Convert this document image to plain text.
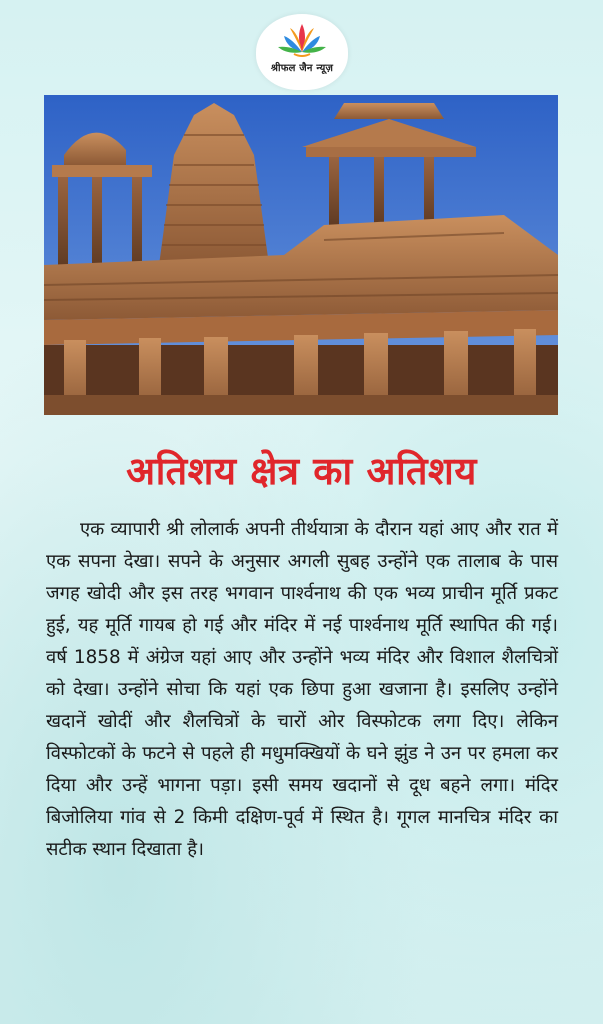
श्रीफल जैन न्यूज़
अतिशय क्षेत्र का अतिशय

एक व्यापारी श्री लोलार्क अपनी तीर्थयात्रा के दौरान यहां आए और रात में एक सपना देखा। सपने के अनुसार अगली सुबह उन्होंने एक तालाब के पास जगह खोदी और इस तरह भगवान पार्श्वनाथ की एक भव्य प्राचीन मूर्ति प्रकट हुई, यह मूर्ति गायब हो गई और मंदिर में नई पार्श्वनाथ मूर्ति स्थापित की गई। वर्ष 1858 में अंग्रेज यहां आए और उन्होंने भव्य मंदिर और विशाल शैलचित्रों को देखा। उन्होंने सोचा कि यहां एक छिपा हुआ खजाना है। इसलिए उन्होंने खदानें खोदीं और शैलचित्रों के चारों ओर विस्फोटक लगा दिए। लेकिन विस्फोटकों के फटने से पहले ही मधुमक्खियों के घने झुंड ने उन पर हमला कर दिया और उन्हें भागना पड़ा। इसी समय खदानों से दूध बहने लगा। मंदिर बिजोलिया गांव से 2 किमी दक्षिण-पूर्व में स्थित है। गूगल मानचित्र मंदिर का सटीक स्थान दिखाता है।
